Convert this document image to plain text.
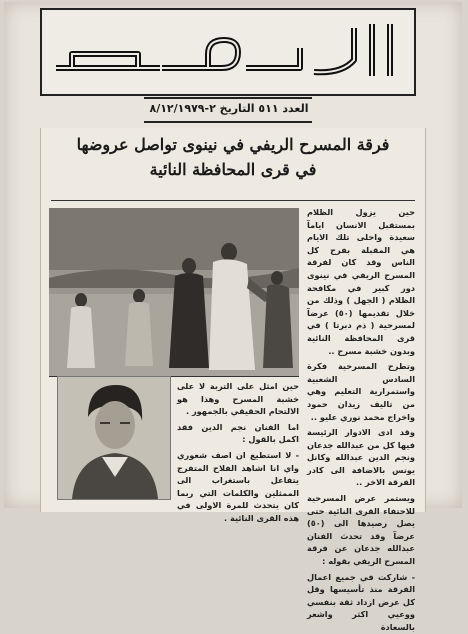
العدد ٥١١ التاريخ ٢-٨/١٢/١٩٧٩
فرقة المسرح الريفي في نينوى تواصل عروضها
في قرى المحافظة النائية

حين يزول الظلام بمستقبل الانسان ايامآ سعيدة واحلى تلك الايام هي المقبلة بفرح كل الناس وقد كان لفرقة المسرح الريفي في نينوى دور كبير في مكافحة الظلام ( الجهل ) وذلك من خلال تقديمها (٥٠) عرضآ لمسرحية ( ذم دبرتا ) في قرى المحافظة النائية وبدون خشبة مسرح ..

وتطرح المسرحية فكرة السادس الشعبية واستمرارية التعليم وهي من تاليف زيدان حمود واخراج محمد نوري عليو ..

وقد ادى الادوار الرئيسة فيها كل من عبدالله جدعان ونجم الدين عبدالله وكانل يونس بالاضافة الى كادر الفرقة الاخر ..

ويستمر عرض المسرحية للاحتفاء القرى النائية حتى يصل رصيدها الى (٥٠) عرضآ وقد تحدث الفنان عبدالله جدعان عن فرقة المسرح الريفي بقوله :

- شاركت في جميع اعمال الفرقة منذ تأسيسها وقل كل عرض ازداد ثقة بنفسي ووعيي اكثر واشعر بالسعادة

حين امثل على التربة لا على خشبة المسرح وهذا هو الالتحام الحقيقي بالجمهور .

اما الفنان نجم الدين فقد اكمل بالقول :

- لا استطيع ان اصف شعوري واي انا اشاهد الفلاح المتفرج يتفاعل باستغراب الى الممثلين والكلمات التي ربما كان يتحدث للمرة الاولى في هذه القرى النائية .
